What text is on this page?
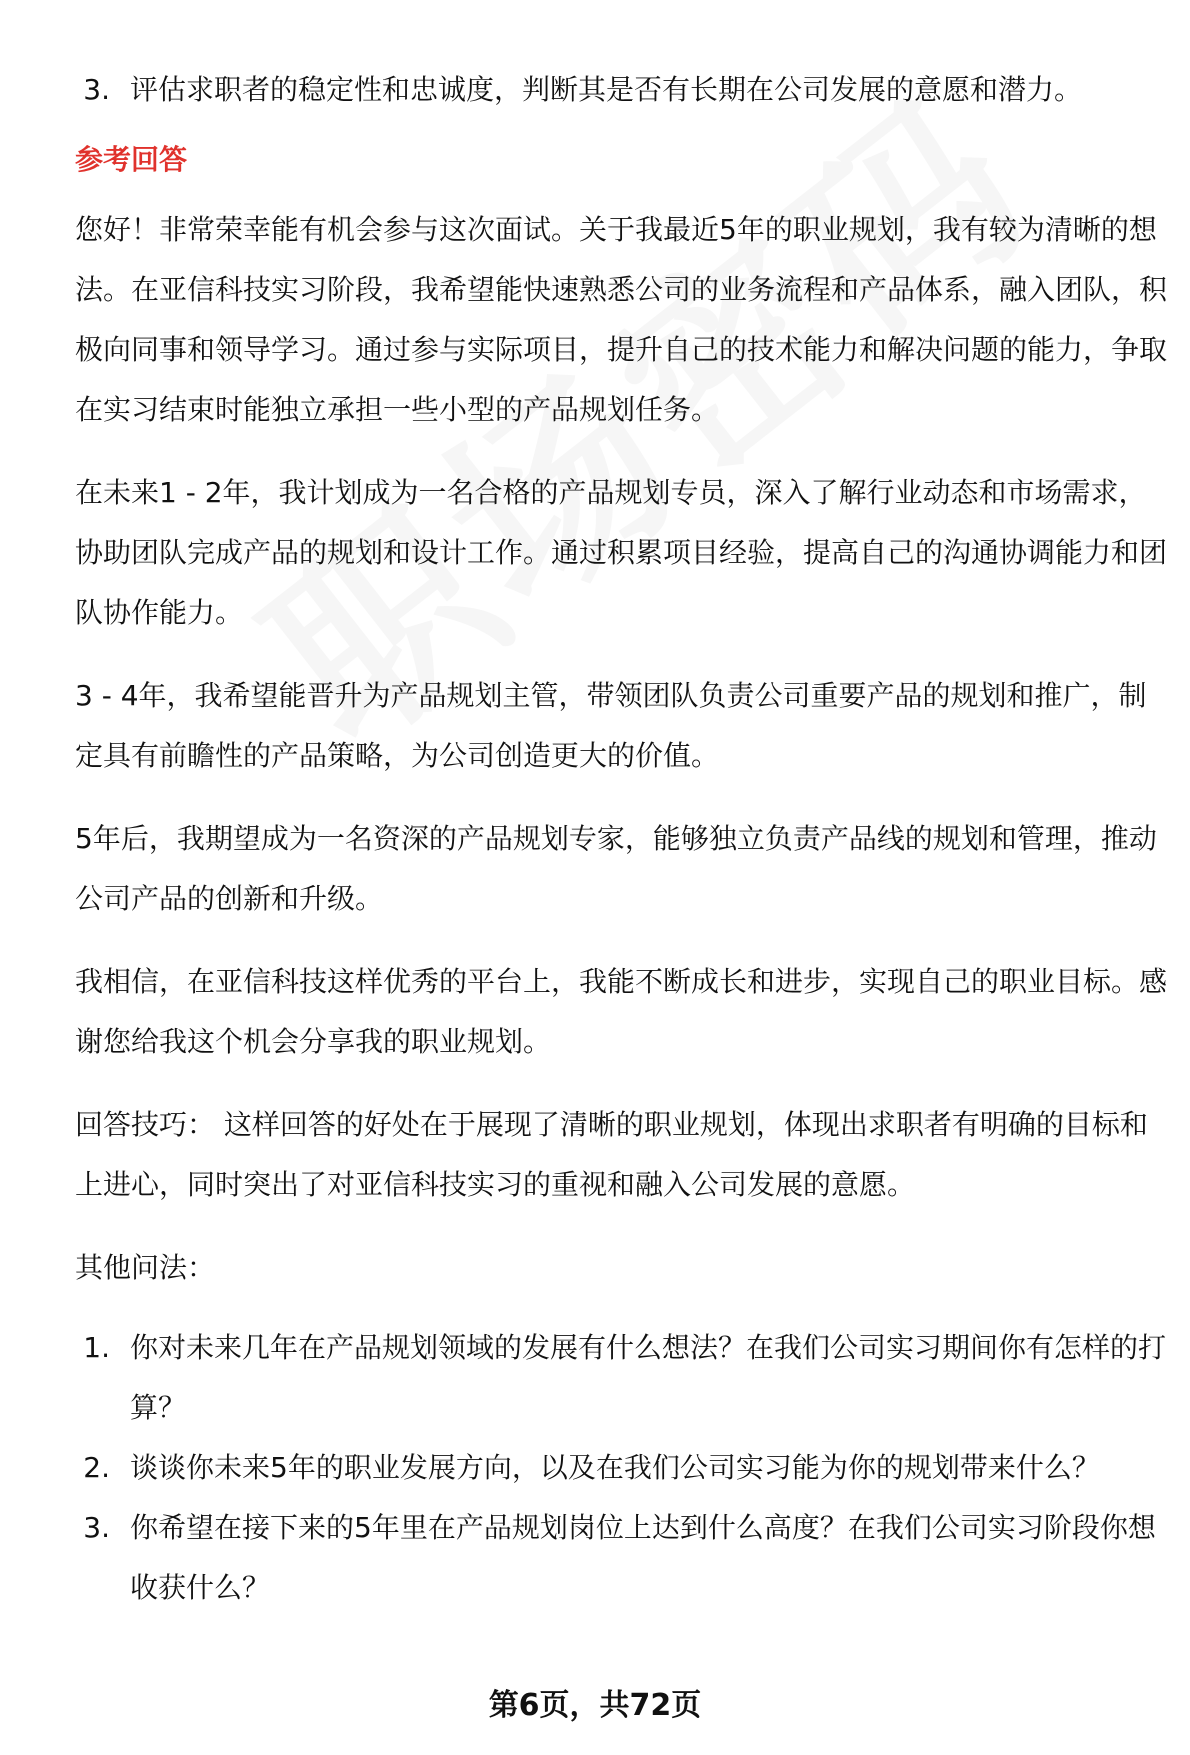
3. 评估求职者的稳定性和忠诚度，判断其是否有长期在公司发展的意愿和潜力。
参考回答

您好！非常荣幸能有机会参与这次面试。关于我最近5年的职业规划，我有较为清晰的想法。在亚信科技实习阶段，我希望能快速熟悉公司的业务流程和产品体系，融入团队，积极向同事和领导学习。通过参与实际项目，提升自己的技术能力和解决问题的能力，争取在实习结束时能独立承担一些小型的产品规划任务。

在未来1 - 2年，我计划成为一名合格的产品规划专员，深入了解行业动态和市场需求，协助团队完成产品的规划和设计工作。通过积累项目经验，提高自己的沟通协调能力和团队协作能力。

3 - 4年，我希望能晋升为产品规划主管，带领团队负责公司重要产品的规划和推广，制定具有前瞻性的产品策略，为公司创造更大的价值。

5年后，我期望成为一名资深的产品规划专家，能够独立负责产品线的规划和管理，推动公司产品的创新和升级。

我相信，在亚信科技这样优秀的平台上，我能不断成长和进步，实现自己的职业目标。感谢您给我这个机会分享我的职业规划。

回答技巧： 这样回答的好处在于展现了清晰的职业规划，体现出求职者有明确的目标和上进心，同时突出了对亚信科技实习的重视和融入公司发展的意愿。

其他问法：
1. 你对未来几年在产品规划领域的发展有什么想法？在我们公司实习期间你有怎样的打算？
2. 谈谈你未来5年的职业发展方向，以及在我们公司实习能为你的规划带来什么？
3. 你希望在接下来的5年里在产品规划岗位上达到什么高度？在我们公司实习阶段你想收获什么？
第6页，共72页
